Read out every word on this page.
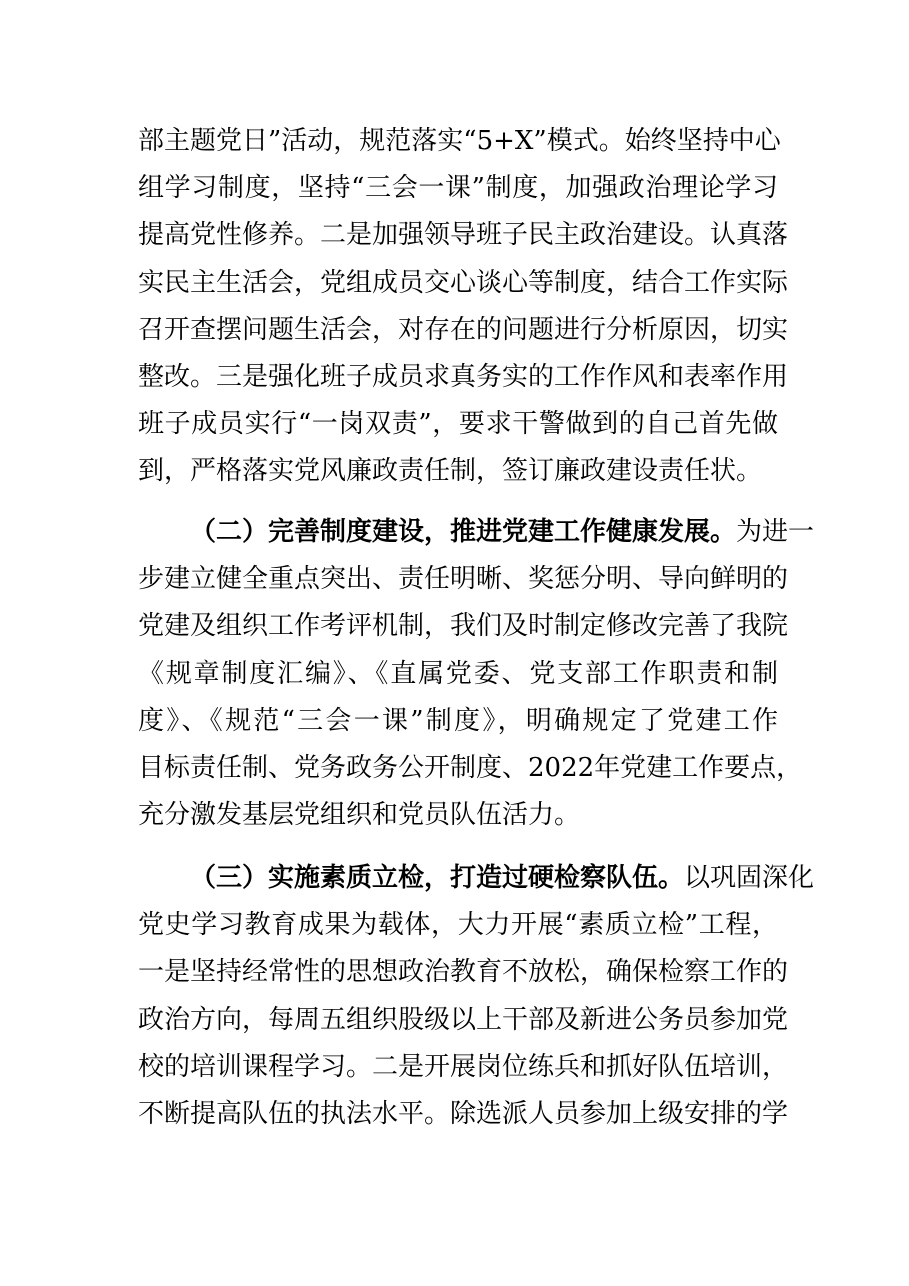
部主题党日”活动，规范落实“5+X”模式。始终坚持中心
组学习制度，坚持“三会一课”制度，加强政治理论学习
提高党性修养。二是加强领导班子民主政治建设。认真落
实民主生活会，党组成员交心谈心等制度，结合工作实际
召开查摆问题生活会，对存在的问题进行分析原因，切实
整改。三是强化班子成员求真务实的工作作风和表率作用
班子成员实行“一岗双责”，要求干警做到的自己首先做
到，严格落实党风廉政责任制，签订廉政建设责任状。
（二）完善制度建设，推进党建工作健康发展。为进一
步建立健全重点突出、责任明晰、奖惩分明、导向鲜明的
党建及组织工作考评机制，我们及时制定修改完善了我院
《规章制度汇编》、《直属党委、党支部工作职责和制
度》、《规范“三会一课”制度》，明确规定了党建工作
目标责任制、党务政务公开制度、2022年党建工作要点，
充分激发基层党组织和党员队伍活力。
（三）实施素质立检，打造过硬检察队伍。以巩固深化
党史学习教育成果为载体，大力开展“素质立检”工程，
一是坚持经常性的思想政治教育不放松，确保检察工作的
政治方向，每周五组织股级以上干部及新进公务员参加党
校的培训课程学习。二是开展岗位练兵和抓好队伍培训，
不断提高队伍的执法水平。除选派人员参加上级安排的学
